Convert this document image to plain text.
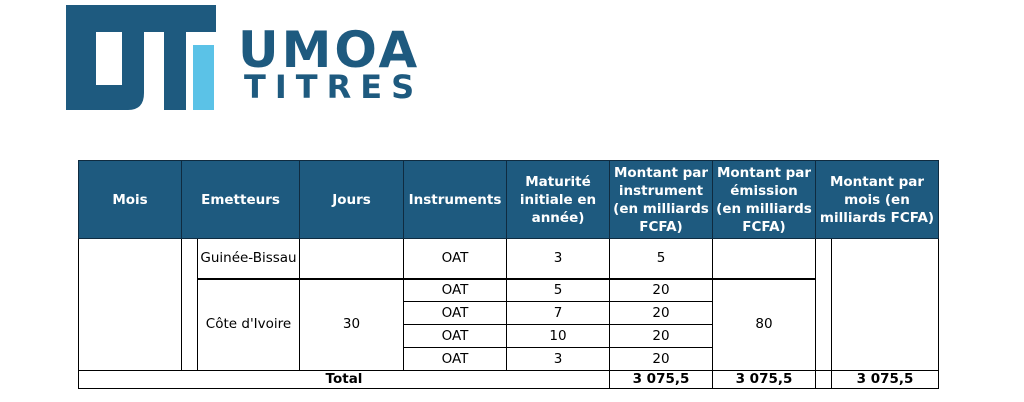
UMOA
TITRES
Mois	Emetteurs		Jours	Instruments	Maturité initiale en année)	Montant par instrument (en milliards FCFA)	Montant par émission (en milliards FCFA)	Montant par mois (en milliards FCFA)	
		Guinée-Bissau		OAT	3	5			
		Côte d'Ivoire	30	OAT	5	20	80		
				OAT	7	20			
				OAT	10	20			
				OAT	3	20			
Total						3 075,5	3 075,5		3 075,5
